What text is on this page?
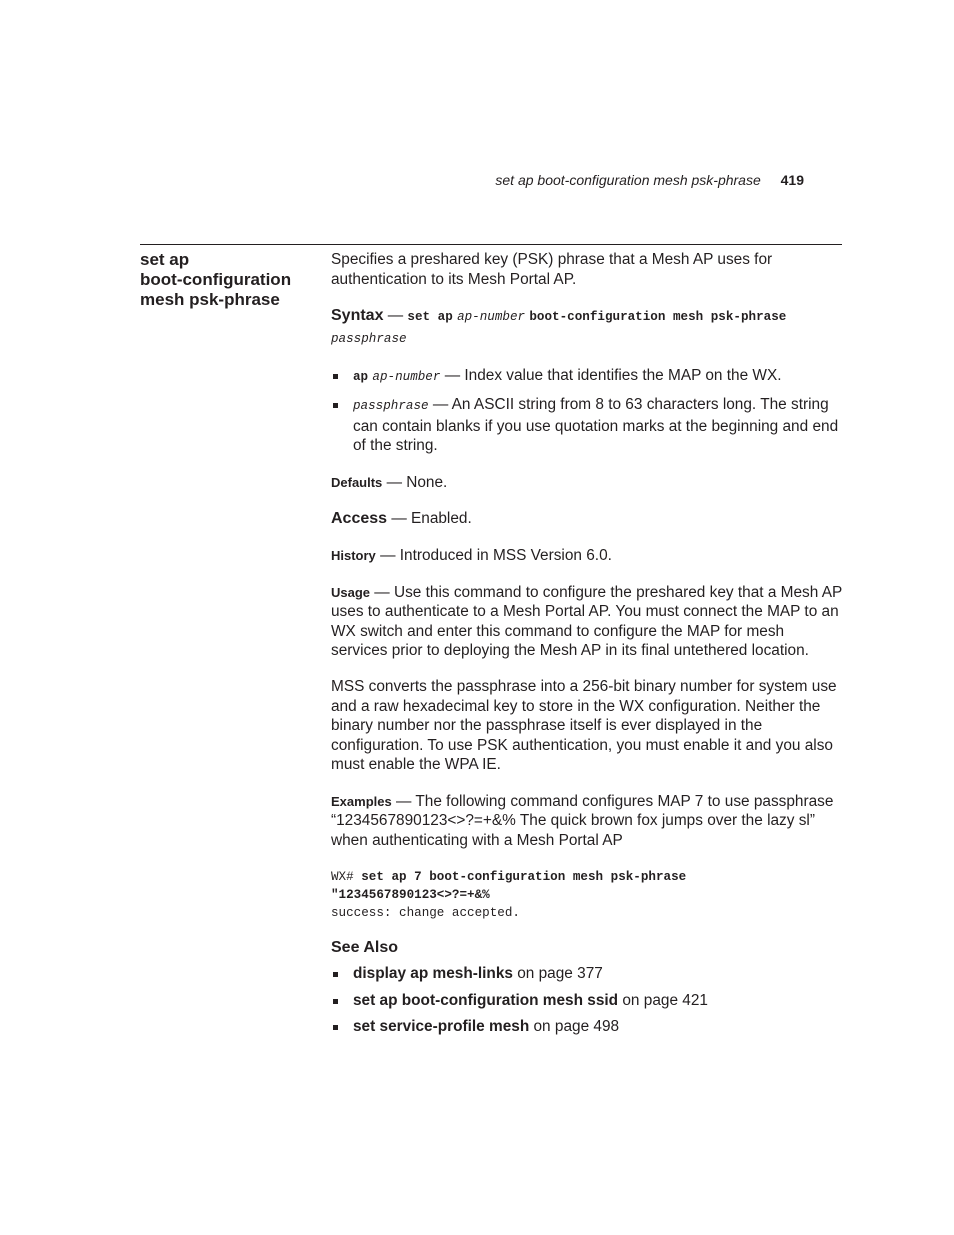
set ap boot-configuration mesh psk-phrase 419
set ap
boot-configuration
mesh psk-phrase

Specifies a preshared key (PSK) phrase that a Mesh AP uses for authentication to its Mesh Portal AP.

Syntax — set ap ap-number boot-configuration mesh psk-phrase
passphrase

ap ap-number — Index value that identifies the MAP on the WX.
passphrase — An ASCII string from 8 to 63 characters long. The string can contain blanks if you use quotation marks at the beginning and end of the string.

Defaults — None.

Access — Enabled.

History — Introduced in MSS Version 6.0.

Usage — Use this command to configure the preshared key that a Mesh AP uses to authenticate to a Mesh Portal AP. You must connect the MAP to an WX switch and enter this command to configure the MAP for mesh services prior to deploying the Mesh AP in its final untethered location.

MSS converts the passphrase into a 256-bit binary number for system use and a raw hexadecimal key to store in the WX configuration. Neither the binary number nor the passphrase itself is ever displayed in the configuration. To use PSK authentication, you must enable it and you also must enable the WPA IE.

Examples — The following command configures MAP 7 to use passphrase “1234567890123<>?=+&% The quick brown fox jumps over the lazy sl” when authenticating with a Mesh Portal AP

WX# set ap 7 boot-configuration mesh psk-phrase
"1234567890123<>?=+&%
success: change accepted.

See Also

display ap mesh-links on page 377
set ap boot-configuration mesh ssid on page 421
set service-profile mesh on page 498
